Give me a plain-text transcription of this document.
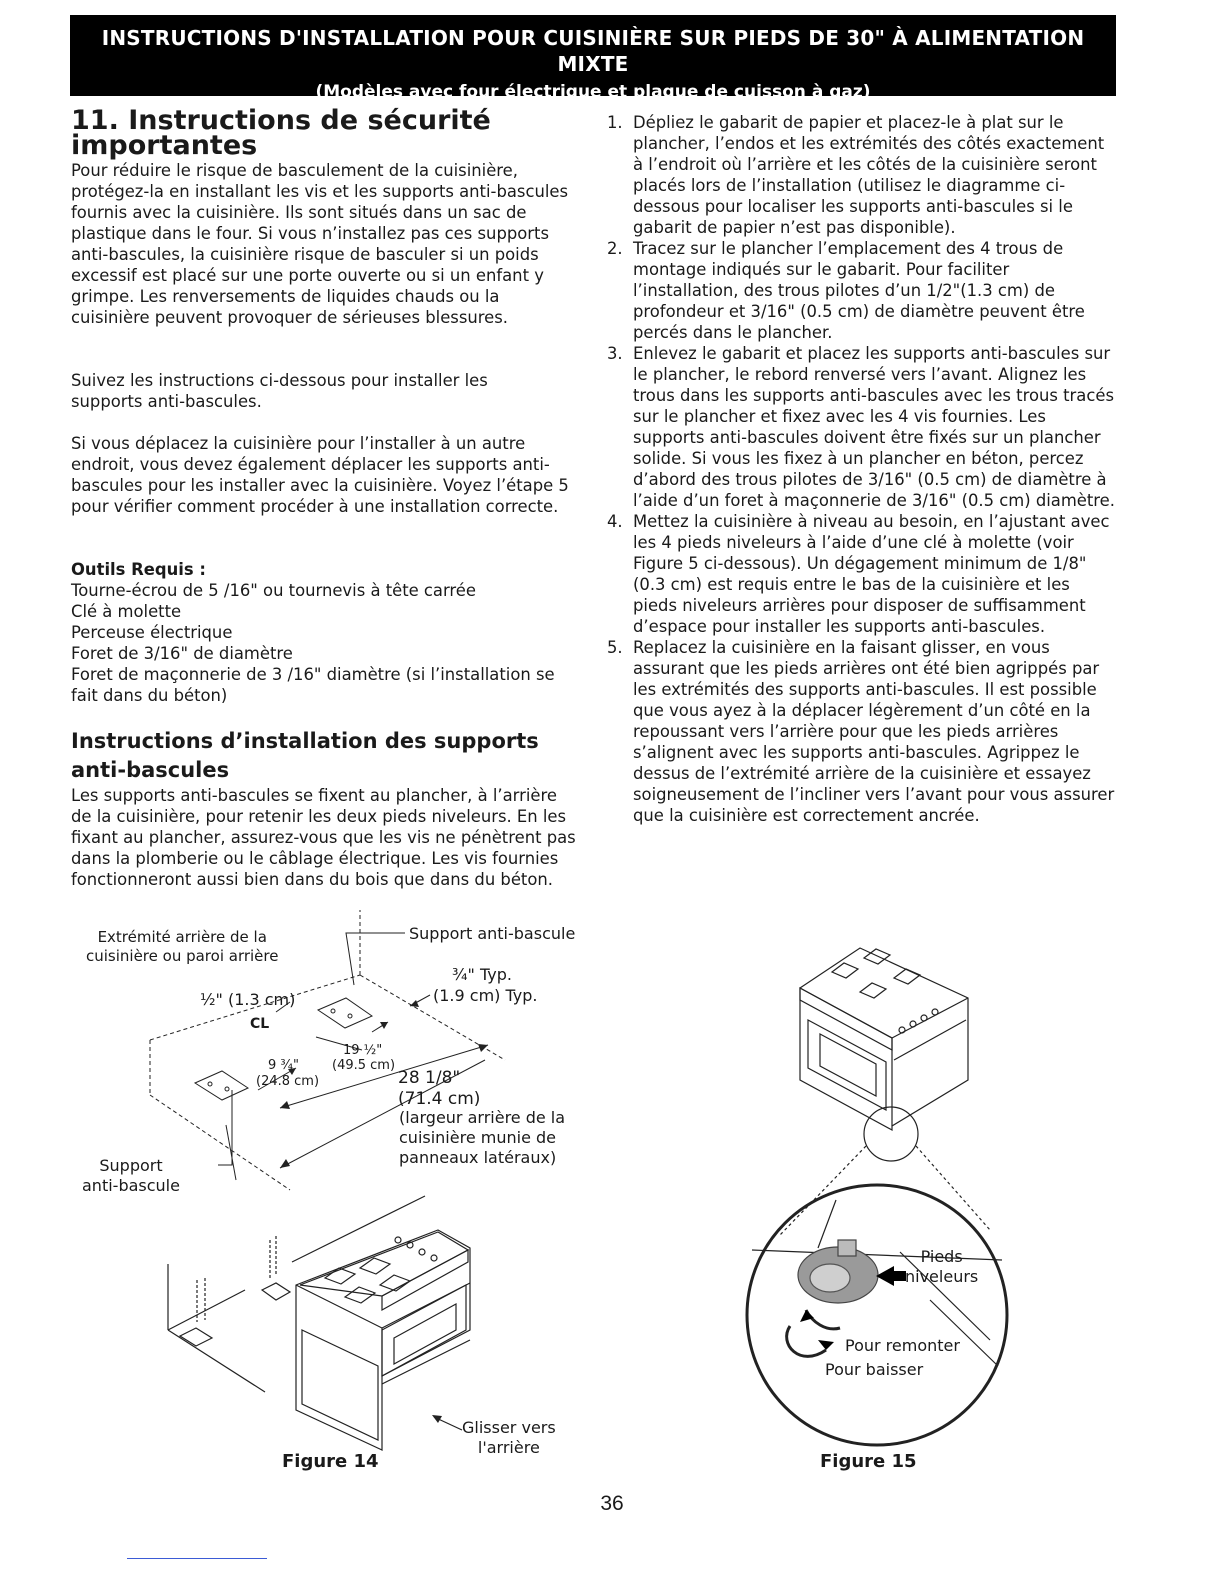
INSTRUCTIONS D'INSTALLATION POUR CUISINIÈRE SUR PIEDS DE 30" À ALIMENTATION MIXTE
(Modèles avec four électrique et plaque de cuisson à gaz)
11. Instructions de sécurité
importantes

Pour réduire le risque de basculement de la cuisinière, protégez-la en installant les vis et les supports anti-bascules fournis avec la cuisinière. Ils sont situés dans un sac de plastique dans le four. Si vous n’installez pas ces supports anti-bascules, la cuisinière risque de basculer si un poids excessif est placé sur une porte ouverte ou si un enfant y grimpe. Les renversements de liquides chauds ou la cuisinière peuvent provoquer de sérieuses blessures.

Suivez les instructions ci-dessous pour installer les supports anti-bascules.

Si vous déplacez la cuisinière pour l’installer à un autre endroit, vous devez également déplacer les supports anti-bascules pour les installer avec la cuisinière. Voyez l’étape 5 pour vérifier comment procéder à une installation correcte.

Outils Requis :

Tourne-écrou de 5 /16" ou tournevis à tête carrée
Clé à molette
Perceuse électrique
Foret de 3/16" de diamètre
Foret de maçonnerie de 3 /16" diamètre (si l’installation se fait dans du béton)
Instructions d’installation des supports
anti-bascules

Les supports anti-bascules se fixent au plancher, à l’arrière de la cuisinière, pour retenir les deux pieds niveleurs. En les fixant au plancher, assurez-vous que les vis ne pénètrent pas dans la plomberie ou le câblage électrique. Les vis fournies fonctionneront aussi bien dans du bois que dans du béton.

1. Dépliez le gabarit de papier et placez-le à plat sur le plancher, l’endos et les extrémités des côtés exactement à l’endroit où l’arrière et les côtés de la cuisinière seront placés lors de l’installation (utilisez le diagramme ci-dessous pour localiser les supports anti-bascules si le gabarit de papier n’est pas disponible).
2. Tracez sur le plancher l’emplacement des 4 trous de montage indiqués sur le gabarit. Pour faciliter l’installation, des trous pilotes d’un 1/2"(1.3 cm) de profondeur et 3/16" (0.5 cm) de diamètre peuvent être percés dans le plancher.
3. Enlevez le gabarit et placez les supports anti-bascules sur le plancher, le rebord renversé vers l’avant. Alignez les trous dans les supports anti-bascules avec les trous tracés sur le plancher et fixez avec les 4 vis fournies. Les supports anti-bascules doivent être fixés sur un plancher solide. Si vous les fixez à un plancher en béton, percez d’abord des trous pilotes de 3/16" (0.5 cm) de diamètre à l’aide d’un foret à maçonnerie de 3/16" (0.5 cm) diamètre.
4. Mettez la cuisinière à niveau au besoin, en l’ajustant avec les 4 pieds niveleurs à l’aide d’une clé à molette (voir Figure 5 ci-dessous). Un dégagement minimum de 1/8" (0.3 cm) est requis entre le bas de la cuisinière et les pieds niveleurs arrières pour disposer de suffisamment d’espace pour installer les supports anti-bascules.
5. Replacez la cuisinière en la faisant glisser, en vous assurant que les pieds arrières ont été bien agrippés par les extrémités des supports anti-bascules. Il est possible que vous ayez à la déplacer légèrement d’un côté en la repoussant vers l’arrière pour que les pieds arrières s’alignent avec les supports anti-bascules. Agrippez le dessus de l’extrémité arrière de la cuisinière et essayez soigneusement de l’incliner vers l’avant pour vous assurer que la cuisinière est correctement ancrée.
Extrémité arrière de la
cuisinière ou paroi arrière
Support anti-bascule
¾" Typ.
(1.9 cm) Typ.
½" (1.3 cm)
CL
19 ½"
(49.5 cm)
9 ¾"
(24.8 cm)	28 1/8"
(71.4 cm)
(largeur arrière de la
cuisinière munie de
panneaux latéraux)
Support
anti-bascule
Glisser vers
l'arrière
Figure 14
Pieds
niveleurs
Pour remonter
Pour baisser
Figure 15
36
